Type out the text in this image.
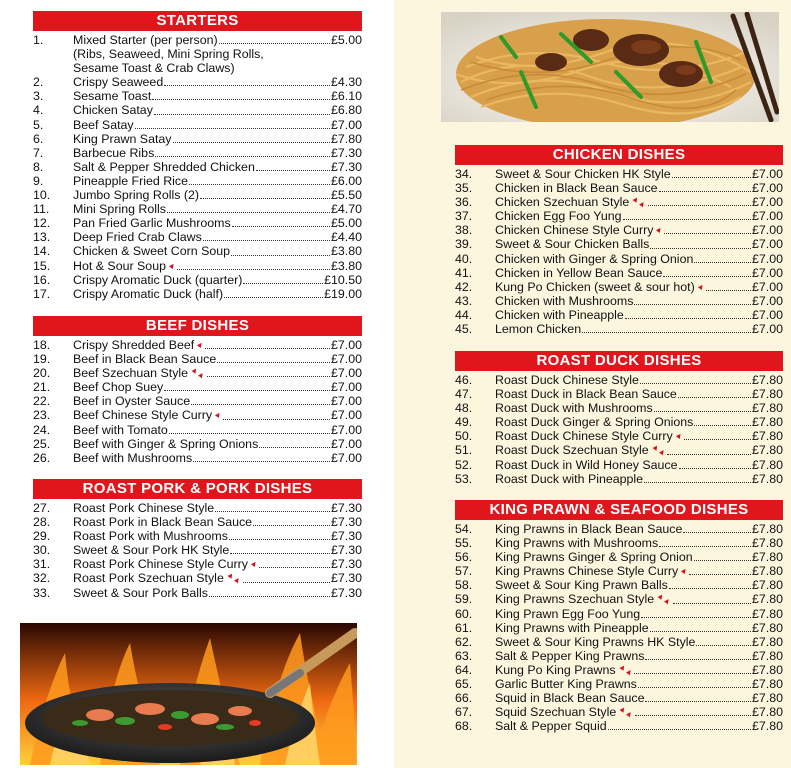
STARTERS
1.	Mixed Starter (per person)	£5.00
(Ribs, Seaweed, Mini Spring Rolls,
Sesame Toast & Crab Claws)
2.	Crispy Seaweed	£4.30
3.	Sesame Toast	£6.10
4.	Chicken Satay	£6.80
5.	Beef Satay	£7.00
6.	King Prawn Satay	£7.80
7.	Barbecue Ribs	£7.30
8.	Salt & Pepper Shredded Chicken	£7.30
9.	Pineapple Fried Rice	£6.00
10.	Jumbo Spring Rolls (2)	£5.50
11.	Mini Spring Rolls	£4.70
12.	Pan Fried Garlic Mushrooms	£5.00
13.	Deep Fried Crab Claws	£4.40
14.	Chicken & Sweet Corn Soup	£3.80
15.	Hot & Sour Soup ▲	£3.80
16.	Crispy Aromatic Duck (quarter)	£10.50
17.	Crispy Aromatic Duck (half)	£19.00
BEEF DISHES
18.	Crispy Shredded Beef ▲	£7.00
19.	Beef in Black Bean Sauce	£7.00
20.	Beef Szechuan Style ▲▲	£7.00
21.	Beef Chop Suey	£7.00
22.	Beef in Oyster Sauce	£7.00
23.	Beef Chinese Style Curry ▲	£7.00
24.	Beef with Tomato	£7.00
25.	Beef with Ginger & Spring Onions	£7.00
26.	Beef with Mushrooms	£7.00
ROAST PORK & PORK DISHES
27.	Roast Pork Chinese Style	£7.30
28.	Roast Pork in Black Bean Sauce	£7.30
29.	Roast Pork with Mushrooms	£7.30
30.	Sweet & Sour Pork HK Style	£7.30
31.	Roast Pork Chinese Style Curry ▲	£7.30
32.	Roast Pork Szechuan Style ▲▲	£7.30
33.	Sweet & Sour Pork Balls	£7.30
CHICKEN DISHES
34.	Sweet & Sour Chicken HK Style	£7.00
35.	Chicken in Black Bean Sauce	£7.00
36.	Chicken Szechuan Style ▲▲	£7.00
37.	Chicken Egg Foo Yung	£7.00
38.	Chicken Chinese Style Curry ▲	£7.00
39.	Sweet & Sour Chicken Balls	£7.00
40.	Chicken with Ginger & Spring Onion	£7.00
41.	Chicken in Yellow Bean Sauce	£7.00
42.	Kung Po Chicken (sweet & sour hot) ▲	£7.00
43.	Chicken with Mushrooms	£7.00
44.	Chicken with Pineapple	£7.00
45.	Lemon Chicken	£7.00
ROAST DUCK DISHES
46.	Roast Duck Chinese Style	£7.80
47.	Roast Duck in Black Bean Sauce	£7.80
48.	Roast Duck with Mushrooms	£7.80
49.	Roast Duck Ginger & Spring Onions	£7.80
50.	Roast Duck Chinese Style Curry ▲	£7.80
51.	Roast Duck Szechuan Style ▲▲	£7.80
52.	Roast Duck in Wild Honey Sauce	£7.80
53.	Roast Duck with Pineapple	£7.80
KING PRAWN & SEAFOOD DISHES
54.	King Prawns in Black Bean Sauce	£7.80
55.	King Prawns with Mushrooms	£7.80
56.	King Prawns Ginger & Spring Onion	£7.80
57.	King Prawns Chinese Style Curry ▲	£7.80
58.	Sweet & Sour King Prawn Balls	£7.80
59.	King Prawns Szechuan Style ▲▲	£7.80
60.	King Prawn Egg Foo Yung	£7.80
61.	King Prawns with Pineapple	£7.80
62.	Sweet & Sour King Prawns HK Style	£7.80
63.	Salt & Pepper King Prawns	£7.80
64.	Kung Po King Prawns ▲▲	£7.80
65.	Garlic Butter King Prawns	£7.80
66.	Squid in Black Bean Sauce	£7.80
67.	Squid Szechuan Style ▲▲	£7.80
68.	Salt & Pepper Squid	£7.80
